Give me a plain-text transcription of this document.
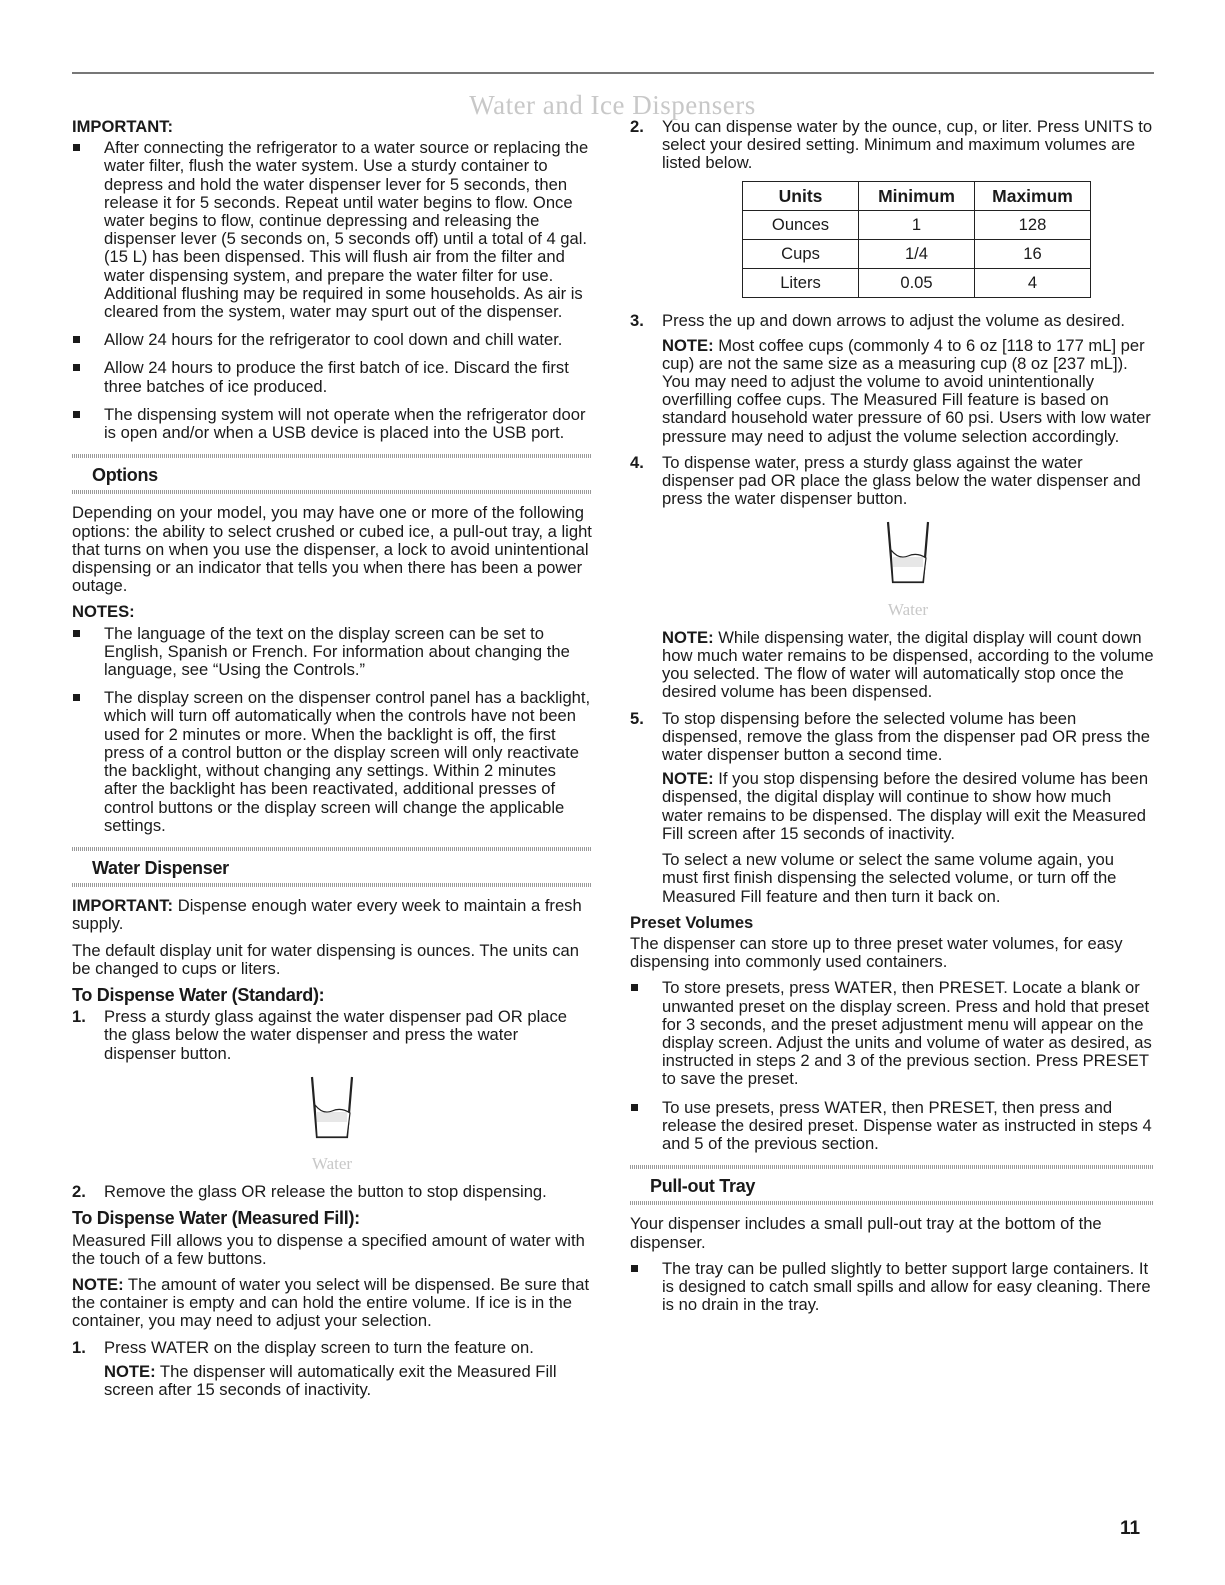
Water and Ice Dispensers
IMPORTANT:
After connecting the refrigerator to a water source or replacing the water filter, flush the water system. Use a sturdy container to depress and hold the water dispenser lever for 5 seconds, then release it for 5 seconds. Repeat until water begins to flow. Once water begins to flow, continue depressing and releasing the dispenser lever (5 seconds on, 5 seconds off) until a total of 4 gal. (15 L) has been dispensed. This will flush air from the filter and water dispensing system, and prepare the water filter for use. Additional flushing may be required in some households. As air is cleared from the system, water may spurt out of the dispenser.
Allow 24 hours for the refrigerator to cool down and chill water.
Allow 24 hours to produce the first batch of ice. Discard the first three batches of ice produced.
The dispensing system will not operate when the refrigerator door is open and/or when a USB device is placed into the USB port.
Options

Depending on your model, you may have one or more of the following options: the ability to select crushed or cubed ice, a pull-out tray, a light that turns on when you use the dispenser, a lock to avoid unintentional dispensing or an indicator that tells you when there has been a power outage.

NOTES:
The language of the text on the display screen can be set to English, Spanish or French. For information about changing the language, see “Using the Controls.”
The display screen on the dispenser control panel has a backlight, which will turn off automatically when the controls have not been used for 2 minutes or more. When the backlight is off, the first press of a control button or the display screen will only reactivate the backlight, without changing any settings. Within 2 minutes after the backlight has been reactivated, additional presses of control buttons or the display screen will change the applicable settings.
Water Dispenser

IMPORTANT: Dispense enough water every week to maintain a fresh supply.

The default display unit for water dispensing is ounces. The units can be changed to cups or liters.

To Dispense Water (Standard):
1. Press a sturdy glass against the water dispenser pad OR place the glass below the water dispenser and press the water dispenser button.
Water
2. Remove the glass OR release the button to stop dispensing.
To Dispense Water (Measured Fill):

Measured Fill allows you to dispense a specified amount of water with the touch of a few buttons.

NOTE: The amount of water you select will be dispensed. Be sure that the container is empty and can hold the entire volume. If ice is in the container, you may need to adjust your selection.

1. Press WATER on the display screen to turn the feature on.

NOTE: The dispenser will automatically exit the Measured Fill screen after 15 seconds of inactivity.

2. You can dispense water by the ounce, cup, or liter. Press UNITS to select your desired setting. Minimum and maximum volumes are listed below.
Units	Minimum	Maximum
Ounces	1	128
Cups	1/4	16
Liters	0.05	4
3. Press the up and down arrows to adjust the volume as desired.

NOTE: Most coffee cups (commonly 4 to 6 oz [118 to 177 mL] per cup) are not the same size as a measuring cup (8 oz [237 mL]). You may need to adjust the volume to avoid unintentionally overfilling coffee cups. The Measured Fill feature is based on standard household water pressure of 60 psi. Users with low water pressure may need to adjust the volume selection accordingly.

4. To dispense water, press a sturdy glass against the water dispenser pad OR place the glass below the water dispenser and press the water dispenser button.
Water

NOTE: While dispensing water, the digital display will count down how much water remains to be dispensed, according to the volume you selected. The flow of water will automatically stop once the desired volume has been dispensed.

5. To stop dispensing before the selected volume has been dispensed, remove the glass from the dispenser pad OR press the water dispenser button a second time.

NOTE: If you stop dispensing before the desired volume has been dispensed, the digital display will continue to show how much water remains to be dispensed. The display will exit the Measured Fill screen after 15 seconds of inactivity.

To select a new volume or select the same volume again, you must first finish dispensing the selected volume, or turn off the Measured Fill feature and then turn it back on.

Preset Volumes

The dispenser can store up to three preset water volumes, for easy dispensing into commonly used containers.

To store presets, press WATER, then PRESET. Locate a blank or unwanted preset on the display screen. Press and hold that preset for 3 seconds, and the preset adjustment menu will appear on the display screen. Adjust the units and volume of water as desired, as instructed in steps 2 and 3 of the previous section. Press PRESET to save the preset.
To use presets, press WATER, then PRESET, then press and release the desired preset. Dispense water as instructed in steps 4 and 5 of the previous section.
Pull-out Tray

Your dispenser includes a small pull-out tray at the bottom of the dispenser.

The tray can be pulled slightly to better support large containers. It is designed to catch small spills and allow for easy cleaning. There is no drain in the tray.
11
